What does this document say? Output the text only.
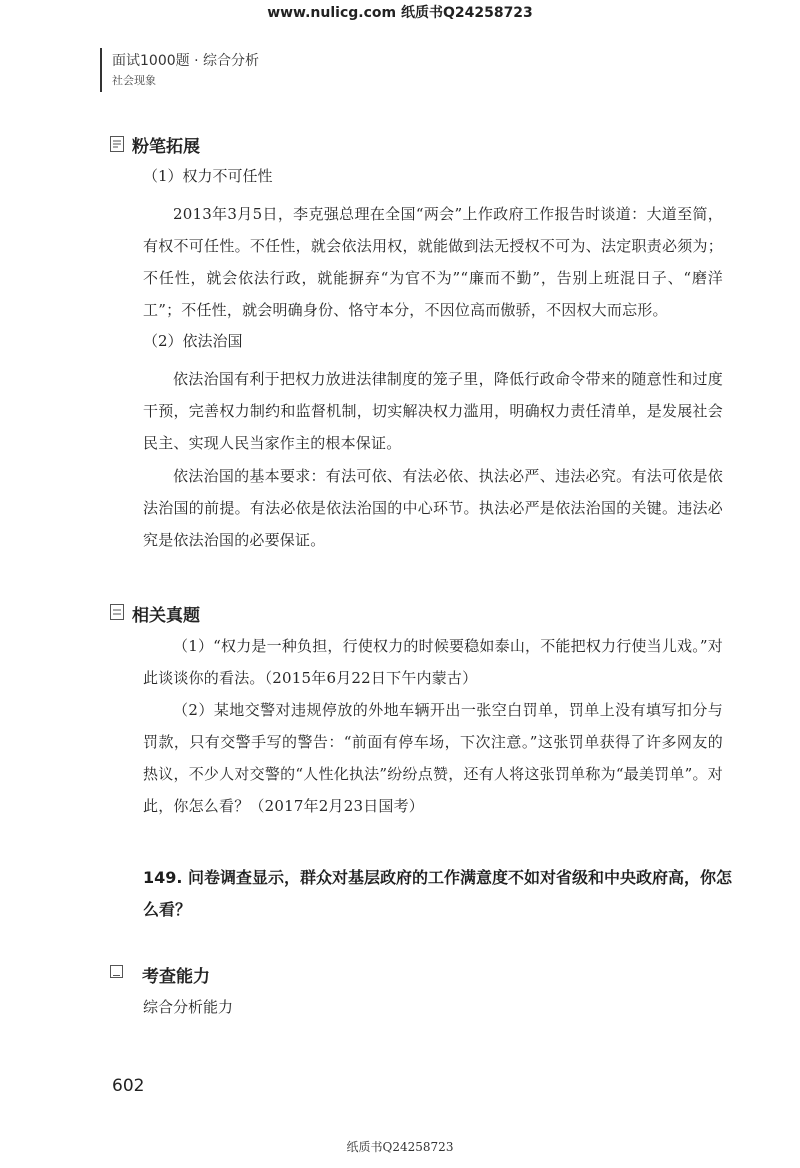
www.nulicg.com 纸质书Q24258723
面试1000题 · 综合分析
社会现象
粉笔拓展
（1）权力不可任性

2013年3月5日，李克强总理在全国“两会”上作政府工作报告时谈道：大道至简，有权不可任性。不任性，就会依法用权，就能做到法无授权不可为、法定职责必须为；不任性，就会依法行政，就能摒弃“为官不为”“廉而不勤”，告别上班混日子、“磨洋工”；不任性，就会明确身份、恪守本分，不因位高而傲骄，不因权大而忘形。

（2）依法治国

依法治国有利于把权力放进法律制度的笼子里，降低行政命令带来的随意性和过度干预，完善权力制约和监督机制，切实解决权力滥用，明确权力责任清单，是发展社会民主、实现人民当家作主的根本保证。

依法治国的基本要求：有法可依、有法必依、执法必严、违法必究。有法可依是依法治国的前提。有法必依是依法治国的中心环节。执法必严是依法治国的关键。违法必究是依法治国的必要保证。

相关真题

（1）“权力是一种负担，行使权力的时候要稳如泰山，不能把权力行使当儿戏。”对此谈谈你的看法。（2015年6月22日下午内蒙古）

（2）某地交警对违规停放的外地车辆开出一张空白罚单，罚单上没有填写扣分与罚款，只有交警手写的警告：“前面有停车场，下次注意。”这张罚单获得了许多网友的热议，不少人对交警的“人性化执法”纷纷点赞，还有人将这张罚单称为“最美罚单”。对此，你怎么看？（2017年2月23日国考）

149. 问卷调查显示，群众对基层政府的工作满意度不如对省级和中央政府高，你怎么看？
考查能力
综合分析能力
602
纸质书Q24258723
